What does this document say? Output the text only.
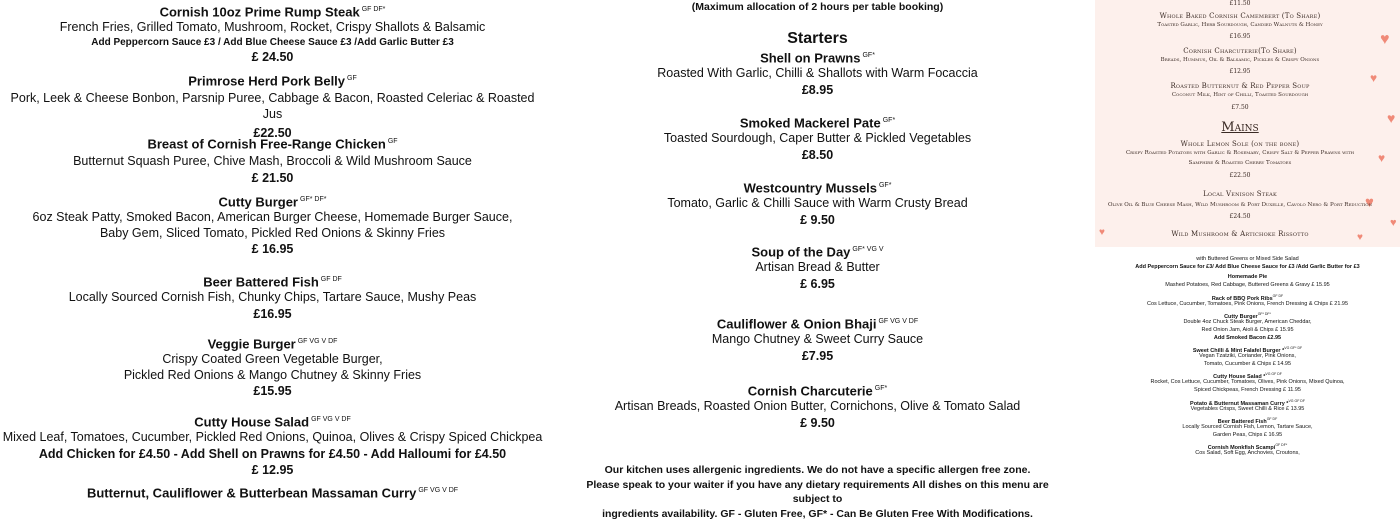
Cornish 10oz Prime Rump Steak $^{GF DF*}$
French Fries, Grilled Tomato, Mushroom, Rocket, Crispy Shallots & Balsamic
Add Peppercorn Sauce £3 / Add Blue Cheese Sauce £3 /Add Garlic Butter £3
£ 24.50
Primrose Herd Pork Belly $^{GF}$
Pork, Leek & Cheese Bonbon, Parsnip Puree, Cabbage & Bacon, Roasted Celeriac & Roasted Jus
£22.50
Breast of Cornish Free-Range Chicken $^{GF}$
Butternut Squash Puree, Chive Mash, Broccoli & Wild Mushroom Sauce
£ 21.50
Cutty Burger $^{GF* DF*}$
6oz Steak Patty, Smoked Bacon, American Burger Cheese, Homemade Burger Sauce,
Baby Gem, Sliced Tomato, Pickled Red Onions & Skinny Fries
£ 16.95
Beer Battered Fish $^{GF DF}$
Locally Sourced Cornish Fish, Chunky Chips, Tartare Sauce, Mushy Peas
£16.95
Veggie Burger $^{GF VG V DF}$
Crispy Coated Green Vegetable Burger,
Pickled Red Onions & Mango Chutney & Skinny Fries
£15.95
Cutty House Salad $^{GF VG V DF}$
Mixed Leaf, Tomatoes, Cucumber, Pickled Red Onions, Quinoa, Olives & Crispy Spiced Chickpea
Add Chicken for £4.50 - Add Shell on Prawns for £4.50 - Add Halloumi for £4.50
£ 12.95
Butternut, Cauliflower & Butterbean Massaman Curry $^{GF VG V DF}$
(Maximum allocation of 2 hours per table booking)
Starters
Shell on Prawns $^{GF*}$
Roasted With Garlic, Chilli & Shallots with Warm Focaccia
£8.95
Smoked Mackerel Pate $^{GF*}$
Toasted Sourdough, Caper Butter & Pickled Vegetables
£8.50
Westcountry Mussels $^{GF*}$
Tomato, Garlic & Chilli Sauce with Warm Crusty Bread
£ 9.50
Soup of the Day $^{GF* VG V}$
Artisan Bread & Butter
£ 6.95
Cauliflower & Onion Bhaji $^{GF VG V DF}$
Mango Chutney & Sweet Curry Sauce
£7.95
Cornish Charcuterie $^{GF*}$
Artisan Breads, Roasted Onion Butter, Cornichons, Olive & Tomato Salad
£ 9.50
Our kitchen uses allergenic ingredients. We do not have a specific allergen free zone.
Please speak to your waiter if you have any dietary requirements All dishes on this menu are subject to
ingredients availability. GF - Gluten Free, GF* - Can Be Gluten Free With Modifications.
♥
♥
♥
♥
♥
♥
♥
♥
£11.50
Whole Baked Cornish Camembert (To Share)
Toasted Garlic, Herb Sourdough, Candied Walnuts & Honey
£16.95
Cornish Charcuterie(To Share)
Breads, Hummus, Oil & Balsamic, Pickles & Crispy Onions
£12.95
Roasted Butternut & Red Pepper Soup
Coconut Milk, Hint of Chilli, Toasted Sourdough
£7.50
Mains
Whole Lemon Sole (on the bone)
Crispy Roasted Potatoes with Garlic & Rosemary, Crispy Salt & Pepper Prawns with
Samphire & Roasted Cherry Tomatoes
£22.50
Local Venison Steak
Olive Oil & Blue Cheese Mash, Wild Mushroom & Port Duxelle, Cavolo Nero & Port Reduction
£24.50
Wild Mushroom & Artichoke Rissotto
with Buttered Greens or Mixed Side Salad
Add Peppercorn Sauce for £3/ Add Blue Cheese Sauce for £3 /Add Garlic Butter for £3
Homemade Pie
Mashed Potatoes, Red Cabbage, Buttered Greens & Gravy £ 15.95
Rack of BBQ Pork Ribs$^{GF DF}$
Cos Lettuce, Cucumber, Tomatoes, Pink Onions, French Dressing & Chips £ 21.95
Cutty Burger$^{GF* DF*}$
Double 4oz Chuck Steak Burger, American Cheddar,
Red Onion Jam, Aioli & Chips £ 15.95
Add Smoked Bacon £2.95
Sweet Chilli & Mint Falafel Burger *$^{VG GF* DF}$
Vegan Tzatziki, Coriander, Pink Onions,
Tomato, Cucumber & Chips £ 14.95
Cutty House Salad *$^{VG GF DF}$
Rocket, Cos Lettuce, Cucumber, Tomatoes, Olives, Pink Onions, Mixed Quinoa,
Spiced Chickpeas, French Dressing £ 11.95
Potato & Butternut Massaman Curry *$^{VG GF DF}$
Vegetables Crisps, Sweet Chilli & Rice £ 13.95
Beer Battered Fish$^{GF DF}$
Locally Sourced Cornish Fish, Lemon, Tartare Sauce,
Garden Peas, Chips £ 16.95
Cornish Monkfish Scampi$^{GF DF*}$
Cos Salad, Soft Egg, Anchovies, Croutons,
